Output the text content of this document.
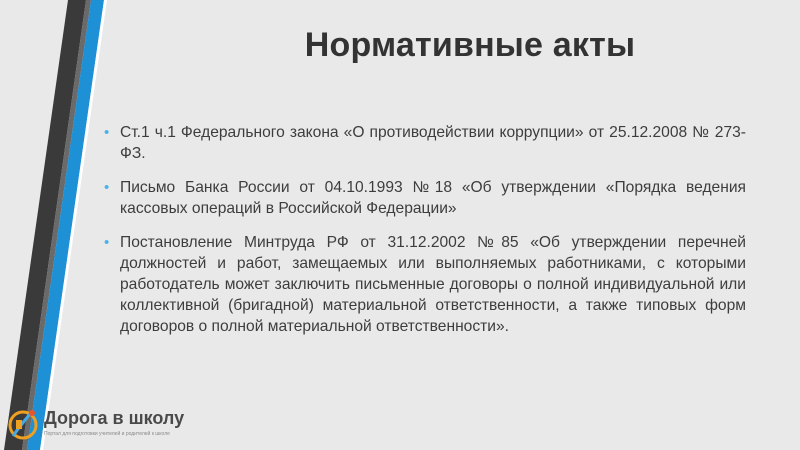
Нормативные акты
• Ст.1 ч.1 Федерального закона «О противодействии коррупции» от 25.12.2008 № 273-ФЗ.
• Письмо Банка России от 04.10.1993 №18 «Об утверждении «Порядка ведения кассовых операций в Российской Федерации»
• Постановление Минтруда РФ от 31.12.2002 №85 «Об утверждении перечней должностей и работ, замещаемых или выполняемых работниками, с которыми работодатель может заключить письменные договоры о полной индивидуальной или коллективной (бригадной) материальной ответственности, а также типовых форм договоров о полной материальной ответственности».
Дорога в школу
Портал для подготовки учителей и родителей к школе
